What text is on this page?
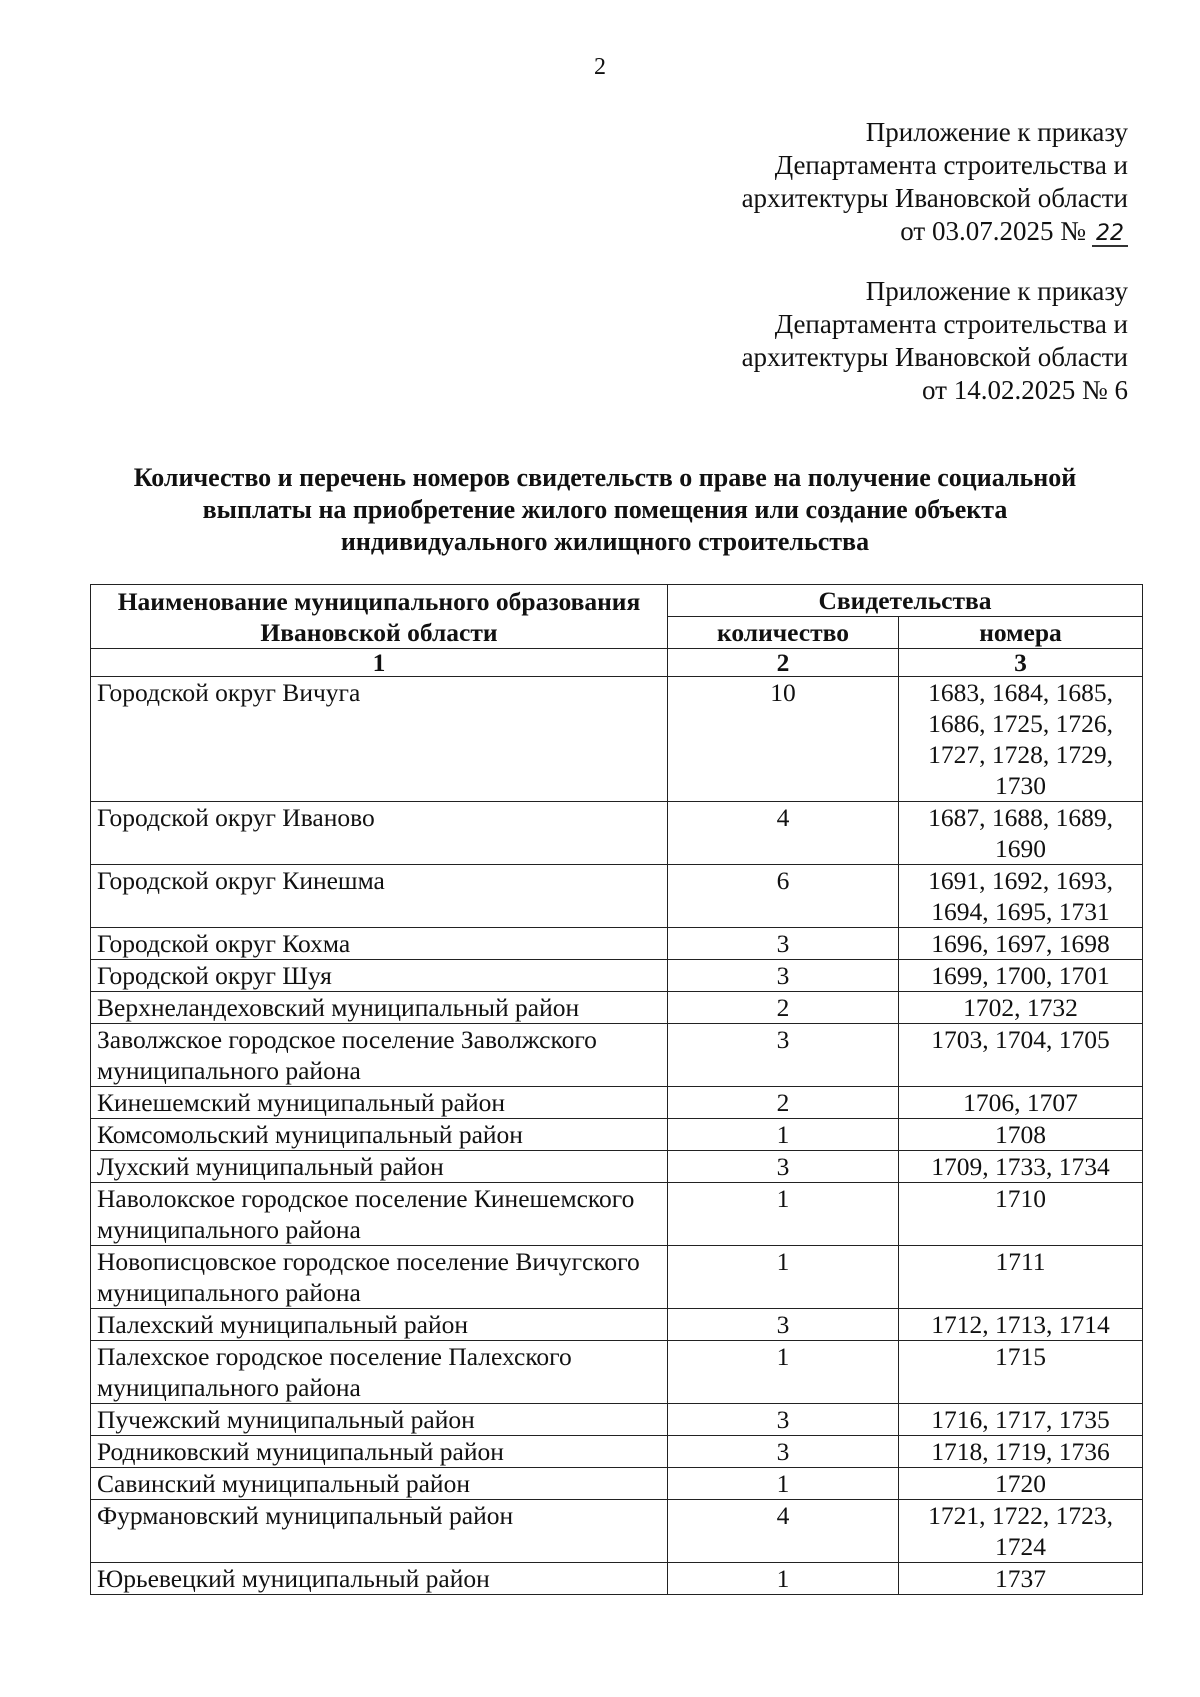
2
Приложение к приказу
Департамента строительства и
архитектуры Ивановской области
от 03.07.2025 № 22
Приложение к приказу
Департамента строительства и
архитектуры Ивановской области
от 14.02.2025 № 6
Количество и перечень номеров свидетельств о праве на получение социальной
выплаты на приобретение жилого помещения или создание объекта
индивидуального жилищного строительства
Наименование муниципального образования Ивановской области	Свидетельства	
	количество	номера
1	2	3
Городской округ Вичуга	10	1683, 1684, 1685, 1686, 1725, 1726, 1727, 1728, 1729, 1730
Городской округ Иваново	4	1687, 1688, 1689, 1690
Городской округ Кинешма	6	1691, 1692, 1693, 1694, 1695, 1731
Городской округ Кохма	3	1696, 1697, 1698
Городской округ Шуя	3	1699, 1700, 1701
Верхнеландеховский муниципальный район	2	1702, 1732
Заволжское городское поселение Заволжского муниципального района	3	1703, 1704, 1705
Кинешемский муниципальный район	2	1706, 1707
Комсомольский муниципальный район	1	1708
Лухский муниципальный район	3	1709, 1733, 1734
Наволокское городское поселение Кинешемского муниципального района	1	1710
Новописцовское городское поселение Вичугского муниципального района	1	1711
Палехский муниципальный район	3	1712, 1713, 1714
Палехское городское поселение Палехского муниципального района	1	1715
Пучежский муниципальный район	3	1716, 1717, 1735
Родниковский муниципальный район	3	1718, 1719, 1736
Савинский муниципальный район	1	1720
Фурмановский муниципальный район	4	1721, 1722, 1723, 1724
Юрьевецкий муниципальный район	1	1737
